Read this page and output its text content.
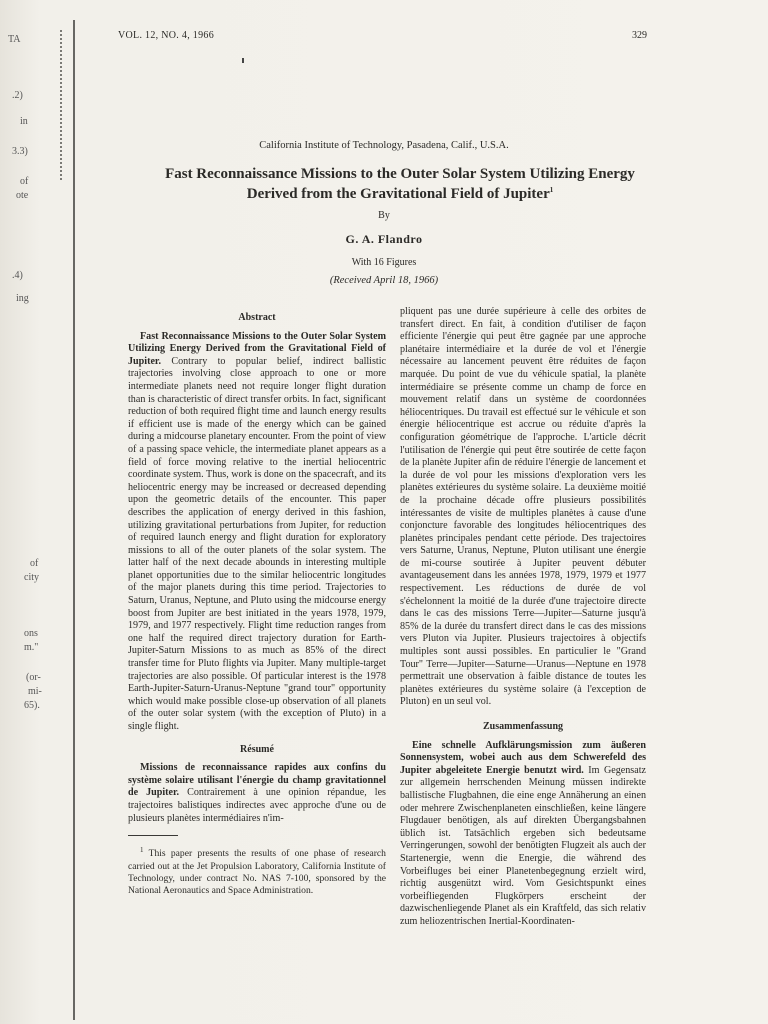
TA
.2)
in
3.3)
of
ote
.4)
ing
of
city
ons
m."
(or-
mi-
65).
VOL. 12, NO. 4, 1966	329
California Institute of Technology, Pasadena, Calif., U.S.A.
Fast Reconnaissance Missions to the Outer Solar System Utilizing Energy
Derived from the Gravitational Field of Jupiter$^1$
By
G. A. Flandro
With 16 Figures
(Received April 18, 1966)
Abstract

Fast Reconnaissance Missions to the Outer Solar System Utilizing Energy Derived from the Gravitational Field of Jupiter. Contrary to popular belief, indirect ballistic trajectories involving close approach to one or more intermediate planets need not require longer flight duration than is characteristic of direct transfer orbits. In fact, significant reduction of both required flight time and launch energy results if efficient use is made of the energy which can be gained during a midcourse planetary encounter. From the point of view of a passing space vehicle, the intermediate planet appears as a field of force moving relative to the inertial heliocentric coordinate system. Thus, work is done on the spacecraft, and its heliocentric energy may be increased or decreased depending upon the geometric details of the encounter. This paper describes the application of energy derived in this fashion, utilizing gravitational perturbations from Jupiter, for reduction of required launch energy and flight duration for exploratory missions to all of the outer planets of the solar system. The latter half of the next decade abounds in interesting multiple planet opportunities due to the similar heliocentric longitudes of the major planets during this time period. Trajectories to Saturn, Uranus, Neptune, and Pluto using the midcourse energy boost from Jupiter are best initiated in the years 1978, 1979, 1979, and 1977 respectively. Flight time reduction ranges from one half the required direct trajectory duration for Earth-Jupiter-Saturn Missions to as much as 85% of the direct transfer time for Pluto flights via Jupiter. Many multiple-target trajectories are also possible. Of particular interest is the 1978 Earth-Jupiter-Saturn-Uranus-Neptune "grand tour" opportunity which would make possible close-up observation of all planets of the outer solar system (with the exception of Pluto) in a single flight.

Résumé

Missions de reconnaissance rapides aux confins du système solaire utilisant l'énergie du champ gravitationnel de Jupiter. Contrairement à une opinion répandue, les trajectoires balistiques indirectes avec approche d'une ou de plusieurs planètes intermédiaires n'im-

$^1$ This paper presents the results of one phase of research carried out at the Jet Propulsion Laboratory, California Institute of Technology, under contract No. NAS 7-100, sponsored by the National Aeronautics and Space Administration.

pliquent pas une durée supérieure à celle des orbites de transfert direct. En fait, à condition d'utiliser de façon efficiente l'énergie qui peut être gagnée par une approche planétaire intermédiaire et la durée de vol et l'énergie nécessaire au lancement peuvent être réduites de façon marquée. Du point de vue du véhicule spatial, la planète intermédiaire se présente comme un champ de force en mouvement relatif dans un système de coordonnées héliocentriques. Du travail est effectué sur le véhicule et son énergie héliocentrique est accrue ou réduite d'après la configuration géométrique de l'approche. L'article décrit l'utilisation de l'énergie qui peut être soutirée de cette façon de la planète Jupiter afin de réduire l'énergie de lancement et la durée de vol pour les missions d'exploration vers les planètes extérieures du système solaire. La deuxième moitié de la prochaine décade offre plusieurs possibilités intéressantes de visite de multiples planètes à cause d'une conjoncture favorable des longitudes héliocentriques des planètes principales pendant cette période. Des trajectoires vers Saturne, Uranus, Neptune, Pluton utilisant une énergie de mi-course soutirée à Jupiter peuvent débuter avantageusement dans les années 1978, 1979, 1979 et 1977 respectivement. Les réductions de durée de vol s'échelonnent la moitié de la durée d'une trajectoire directe dans le cas des missions Terre—Jupiter—Saturne jusqu'à 85% de la durée du transfert direct dans le cas des missions vers Pluton via Jupiter. Plusieurs trajectoires à objectifs multiples sont aussi possibles. En particulier le "Grand Tour" Terre—Jupiter—Saturne—Uranus—Neptune en 1978 permettrait une observation à faible distance de toutes les planètes extérieures du système solaire (à l'exception de Pluton) en un seul vol.

Zusammenfassung

Eine schnelle Aufklärungsmission zum äußeren Sonnensystem, wobei auch aus dem Schwerefeld des Jupiter abgeleitete Energie benutzt wird. Im Gegensatz zur allgemein herrschenden Meinung müssen indirekte ballistische Flugbahnen, die eine enge Annäherung an einen oder mehrere Zwischenplaneten einschließen, keine längere Flugdauer benötigen, als auf direkten Übergangsbahnen üblich ist. Tatsächlich ergeben sich bedeutsame Verringerungen, sowohl der benötigten Flugzeit als auch der Startenergie, wenn die Energie, die während des Vorbeifluges bei einer Planetenbegegnung erzielt wird, richtig ausgenützt wird. Vom Gesichtspunkt eines vorbeifliegenden Flugkörpers erscheint der dazwischenliegende Planet als ein Kraftfeld, das sich relativ zum heliozentrischen Inertial-Koordinaten-
